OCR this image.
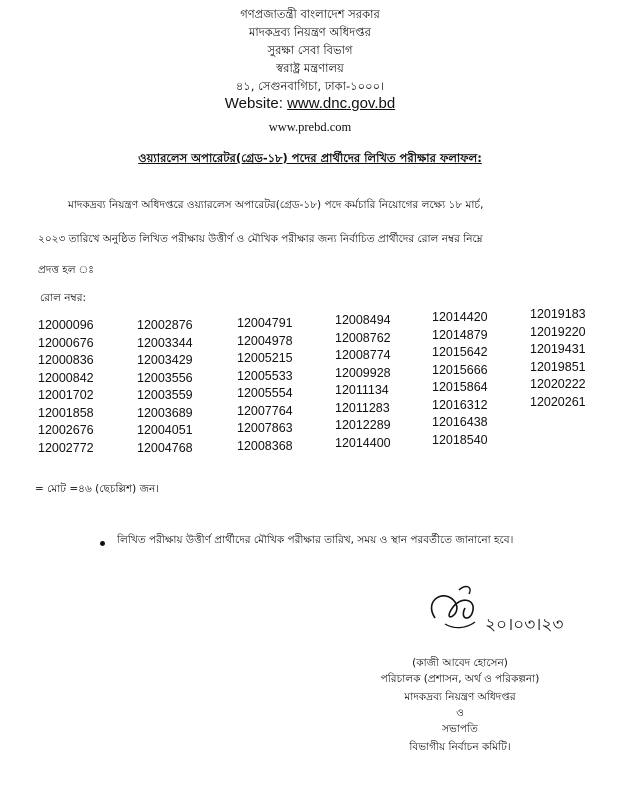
গণপ্রজাতন্ত্রী বাংলাদেশ সরকার
মাদকদ্রব্য নিয়ন্ত্রণ অধিদপ্তর
সুরক্ষা সেবা বিভাগ
স্বরাষ্ট্র মন্ত্রণালয়
৪১, সেগুনবাগিচা, ঢাকা-১০০০।
Website: www.dnc.gov.bd
www.prebd.com
ওয়্যারলেস অপারেটর(গ্রেড-১৮) পদের প্রার্থীদের লিখিত পরীক্ষার ফলাফল:
মাদকদ্রব্য নিয়ন্ত্রণ অধিদপ্তরে ওয়্যারলেস অপারেটর(গ্রেড-১৮) পদে কর্মচারি নিয়োগের লক্ষ্যে ১৮ মার্চ,
২০২৩ তারিখে অনুষ্ঠিত লিখিত পরীক্ষায় উত্তীর্ণ ও মৌখিক পরীক্ষার জন্য নির্বাচিত প্রার্থীদের রোল নম্বর নিম্নে
প্রদত্ত হল ঃ
রোল নম্বর:
12000096
12000676
12000836
12000842
12001702
12001858
12002676
12002772
12002876
12003344
12003429
12003556
12003559
12003689
12004051
12004768
12004791
12004978
12005215
12005533
12005554
12007764
12007863
12008368
12008494
12008762
12008774
12009928
12011134
12011283
12012289
12014400
12014420
12014879
12015642
12015666
12015864
12016312
12016438
12018540
12019183
12019220
12019431
12019851
12020222
12020261
= মোট =৪৬ (ছেচল্লিশ) জন।
লিখিত পরীক্ষায় উত্তীর্ণ প্রার্থীদের মৌখিক পরীক্ষার তারিখ, সময় ও স্থান পরবর্তীতে জানানো হবে।
২০।০৩।২৩
(কাজী আবেদ হোসেন)
পরিচালক (প্রশাসন, অর্থ ও পরিকল্পনা)
মাদকদ্রব্য নিয়ন্ত্রণ অধিদপ্তর
ও
সভাপতি
বিভাগীয় নির্বাচন কমিটি।
